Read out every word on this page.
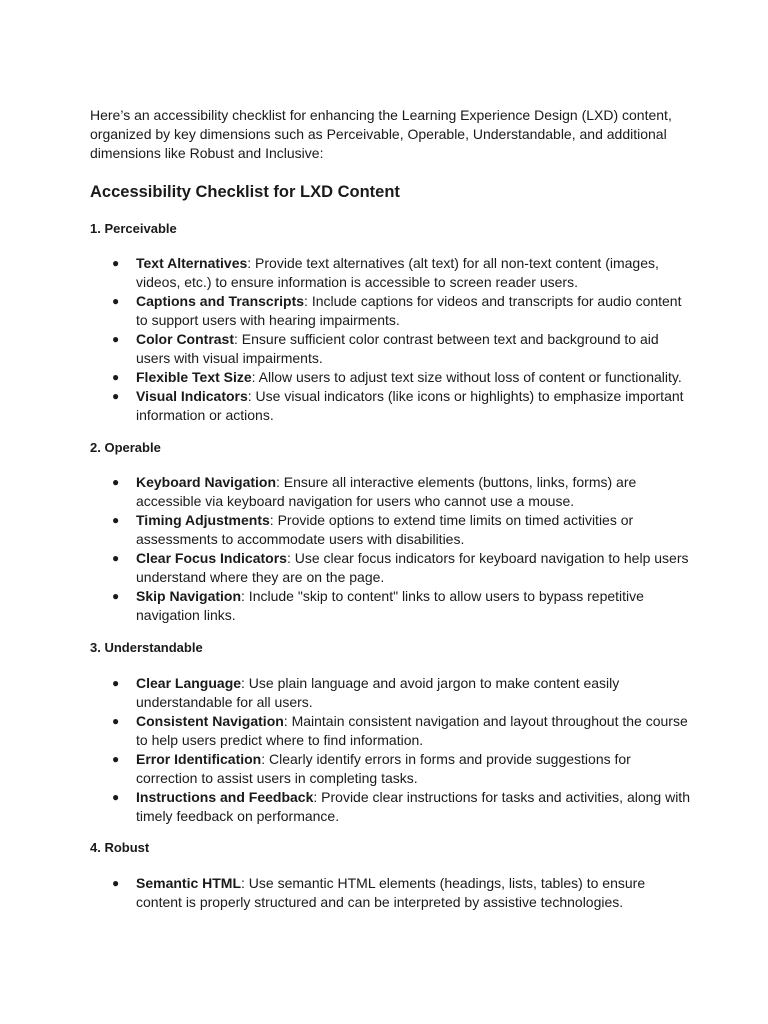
Here’s an accessibility checklist for enhancing the Learning Experience Design (LXD) content, organized by key dimensions such as Perceivable, Operable, Understandable, and additional dimensions like Robust and Inclusive:

Accessibility Checklist for LXD Content
1. Perceivable
● Text Alternatives: Provide text alternatives (alt text) for all non-text content (images, videos, etc.) to ensure information is accessible to screen reader users.
● Captions and Transcripts: Include captions for videos and transcripts for audio content to support users with hearing impairments.
● Color Contrast: Ensure sufficient color contrast between text and background to aid users with visual impairments.
● Flexible Text Size: Allow users to adjust text size without loss of content or functionality.
● Visual Indicators: Use visual indicators (like icons or highlights) to emphasize important information or actions.
2. Operable
● Keyboard Navigation: Ensure all interactive elements (buttons, links, forms) are accessible via keyboard navigation for users who cannot use a mouse.
● Timing Adjustments: Provide options to extend time limits on timed activities or assessments to accommodate users with disabilities.
● Clear Focus Indicators: Use clear focus indicators for keyboard navigation to help users understand where they are on the page.
● Skip Navigation: Include "skip to content" links to allow users to bypass repetitive navigation links.
3. Understandable
● Clear Language: Use plain language and avoid jargon to make content easily understandable for all users.
● Consistent Navigation: Maintain consistent navigation and layout throughout the course to help users predict where to find information.
● Error Identification: Clearly identify errors in forms and provide suggestions for correction to assist users in completing tasks.
● Instructions and Feedback: Provide clear instructions for tasks and activities, along with timely feedback on performance.
4. Robust
● Semantic HTML: Use semantic HTML elements (headings, lists, tables) to ensure content is properly structured and can be interpreted by assistive technologies.
